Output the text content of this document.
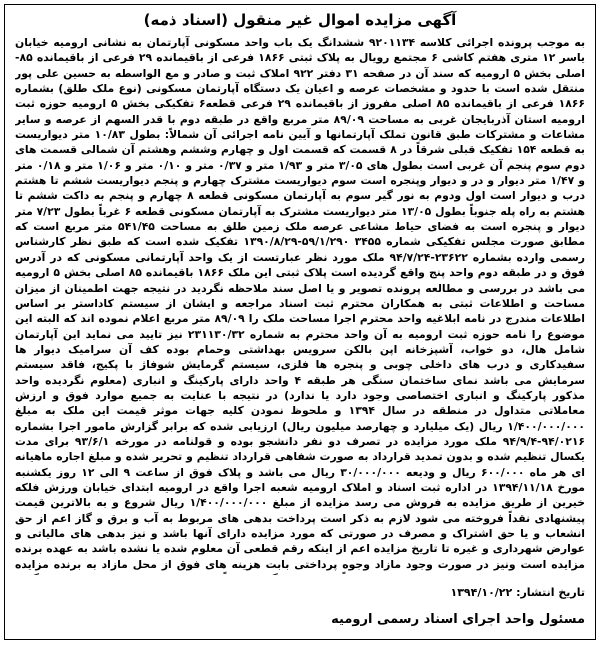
آگهی مزایده اموال غیر منقول (اسناد ذمه)
به موجب پرونده اجرائی کلاسه ۹۲۰۱۱۳۴ ششدانگ یک باب واحد مسکونی آپارتمان به نشانی ارومیه خیابان یاسر ۱۲ متری هفتم کاشی ۶ مجتمع رویال به پلاک ثبتی ۱۸۶۶ فرعی از باقیمانده ۲۹ فرعی از باقیمانده ۸۵- اصلی بخش ۵ ارومیه که سند آن در صفحه ۳۱ دفتر ۹۲۲ املاک ثبت و صادر و مع الواسطه به حسین علی پور منتقل شده است با حدود و مشخصات عرصه و اعیان یک دستگاه آپارتمان مسکونی (نوع ملک طلق) بشماره ۱۸۶۶ فرعی از باقیمانده ۸۵ اصلی مفروز از باقیمانده ۲۹ فرعی قطعه۶ تفکیکی بخش ۵ ارومیه حوزه ثبت ارومیه استان آذربایجان غربی به مساحت ۸۹/۰۹ متر مربع واقع در طبقه دوم با قدر السهم از عرصه و سایر مشاعات و مشترکات طبق قانون تملک آپارتمانها و آیین نامه اجرائی آن شمالاً: بطول ۱۰/۸۳ متر دیواریست به قطعه ۱۵۴ تفکیک قبلی شرقاً در ۸ قسمت که قسمت اول و چهارم وششم وهشتم آن شمالی قسمت های دوم سوم پنجم آن غربی است بطول های ۳/۰۵ متر و ۱/۹۳ متر و ۰/۳۷ متر و ۰/۱۰ متر و ۱/۰۶ متر و ۰/۱۸ متر و ۱/۴۷ متر دیوار و در و دیوار وپنجره است سوم دیواریست مشترک چهارم و پنجم دیواریست ششم تا هشتم درب و دیوار است اول ودوم به نور گیر سوم به آپارتمان مسکونی قطعه ۸ چهارم و پنجم به داکت ششم تا هشتم به راه پله جنوباً بطول ۱۳/۰۵ متر دیواریست مشترک به آپارتمان مسکونی قطعه ۶ غرباً بطول ۷/۲۳ متر دیوار و پنجره است به فضای حیاط مشاعی عرصه ملک زمین طلق به مساحت ۵۴۱/۴۵ متر مربع است که مطابق صورت مجلس تفکیکی شماره ۳۴۵۵ ۵۹/۱/۲۹۰-۱۳۹۰/۸/۲۹ تفکیک شده است که طبق نظر کارشناس رسمی وارده بشماره ۲۳۶۲۲-۹۴/۷/۲۴ ملک مورد نظر عبارتست از یک واحد آپارتمانی مسکونی که در آدرس فوق و در طبقه دوم واحد پنج واقع گردیده است پلاک ثبتی این ملک ۱۸۶۶ باقیمانده ۸۵ اصلی بخش ۵ ارومیه می باشد در بررسی و مطالعه پرونده تصویر و یا اصل سند ملاحظه نگردید در نتیجه جهت اطمینان از میزان مساحت و اطلاعات ثبتی به همکاران محترم ثبت اسناد مراجعه و ایشان از سیستم کاداستر بر اساس اطلاعات مندرج در نامه ابلاغیه واحد محترم اجرا مساحت ملک را ۸۹/۰۹ متر مربع اعلام نموده اند که البته این موضوع را نامه حوزه ثبت ارومیه به آن واحد محترم به شماره ۲۳۱۱۳۰/۳۲ نیز تایید می نماید این آپارتمان شامل هال، دو خواب، آشپزخانه اپن بالکن سرویس بهداشتی وحمام بوده کف آن سرامیک دیوار ها سفیدکاری و درب های داخلی چوبی و پنجره ها فلزی، سیستم گرمایش شوفاژ با پکیج، فاقد سیستم سرمایش می باشد نمای ساختمان سنگی هر طبقه ۴ واحد دارای پارکینگ و انباری (معلوم نگردیده واحد مذکور پارکینگ و انباری اختصاصی وجود دارد یا ندارد) در نتیجه با عنایت به جمیع موارد فوق و ارزش معاملاتی متداول در منطقه در سال ۱۳۹۴ و ملحوظ نمودن کلیه جهات موثر قیمت این ملک به مبلغ ۱/۴۰۰/۰۰۰/۰۰۰ ریال (یک میلیارد و چهارصد میلیون ریال) ارزیابی شده که برابر گزارش مامور اجرا بشماره ۹۴/۰۲۱۶-۹۴/۹/۴ ملک مورد مزایده در تصرف دو نفر دانشجو بوده و قولنامه در مورخه ۹۳/۶/۱ برای مدت یکسال تنظیم شده و بدون تمدید قرارداد به صورت شفاهی قرارداد تنظیم و تحریر شده و مبلغ اجاره ماهیانه ای هر ماه ۶۰۰/۰۰۰ ریال و ودیعه ۳۰/۰۰۰/۰۰۰ ریال می باشد و پلاک فوق از ساعت ۹ الی ۱۲ روز یکشنبه مورخ ۱۳۹۴/۱۱/۱۸ در اداره ثبت اسناد و املاک ارومیه شعبه اجرا واقع در ارومیه ابتدای خیابان ورزش فلکه خیرین از طریق مزایده به فروش می رسد مزایده از مبلغ ۱/۴۰۰/۰۰۰/۰۰۰ ریال شروع و به بالاترین قیمت پیشنهادی نقداً فروخته می شود لازم به ذکر است پرداخت بدهی های مربوط به آب و برق و گاز اعم از حق انشعاب و یا حق اشتراک و مصرف در صورتی که مورد مزایده دارای آنها باشد و نیز بدهی های مالیاتی و عوارض شهرداری و غیره تا تاریخ مزایده اعم از اینکه رقم قطعی آن معلوم شده یا نشده باشد به عهده برنده مزایده است ونیز در صورت وجود مازاد وجوه پرداختی بابت هزینه های فوق از محل مازاد به برنده مزایده
تاریخ انتشار: ۱۳۹۴/۱۰/۲۲
مسئول واحد اجرای اسناد رسمی ارومیه
